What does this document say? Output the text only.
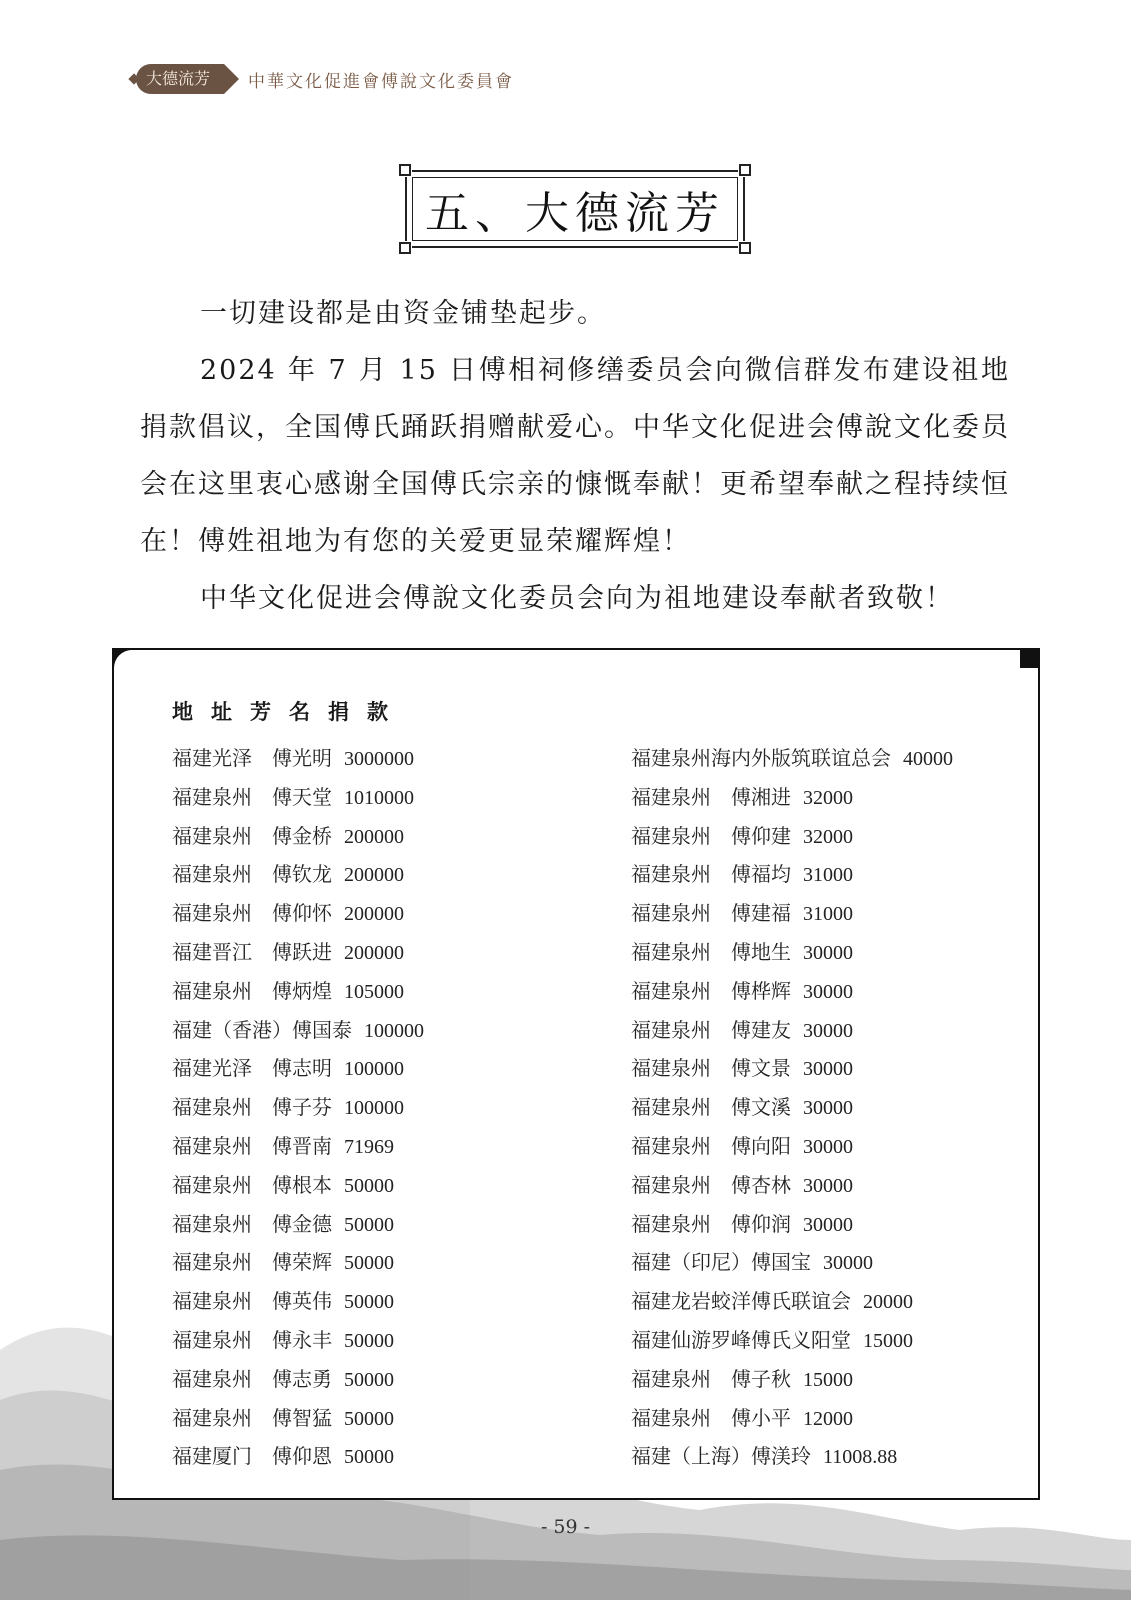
大德流芳	中華文化促進會傅說文化委員會
五、大德流芳

一切建设都是由资金铺垫起步。

2024 年 7 月 15 日傅相祠修缮委员会向微信群发布建设祖地捐款倡议，全国傅氏踊跃捐赠献爱心。中华文化促进会傅說文化委员会在这里衷心感谢全国傅氏宗亲的慷慨奉献！更希望奉献之程持续恒在！傅姓祖地为有您的关爱更显荣耀辉煌！

中华文化促进会傅說文化委员会向为祖地建设奉献者致敬！

地址芳名捐款
福建光泽　傅光明 3000000
福建泉州　傅天堂 1010000
福建泉州　傅金桥 200000
福建泉州　傅钦龙 200000
福建泉州　傅仰怀 200000
福建晋江　傅跃进 200000
福建泉州　傅炳煌 105000
福建（香港）傅国泰 100000
福建光泽　傅志明 100000
福建泉州　傅子芬 100000
福建泉州　傅晋南 71969
福建泉州　傅根本 50000
福建泉州　傅金德 50000
福建泉州　傅荣辉 50000
福建泉州　傅英伟 50000
福建泉州　傅永丰 50000
福建泉州　傅志勇 50000
福建泉州　傅智猛 50000
福建厦门　傅仰恩 50000
福建泉州海内外版筑联谊总会 40000
福建泉州　傅湘进 32000
福建泉州　傅仰建 32000
福建泉州　傅福均 31000
福建泉州　傅建福 31000
福建泉州　傅地生 30000
福建泉州　傅桦辉 30000
福建泉州　傅建友 30000
福建泉州　傅文景 30000
福建泉州　傅文溪 30000
福建泉州　傅向阳 30000
福建泉州　傅杏林 30000
福建泉州　傅仰润 30000
福建（印尼）傅国宝 30000
福建龙岩蛟洋傅氏联谊会 20000
福建仙游罗峰傅氏义阳堂 15000
福建泉州　傅子秋 15000
福建泉州　傅小平 12000
福建（上海）傅渼玲 11008.88
- 59 -
